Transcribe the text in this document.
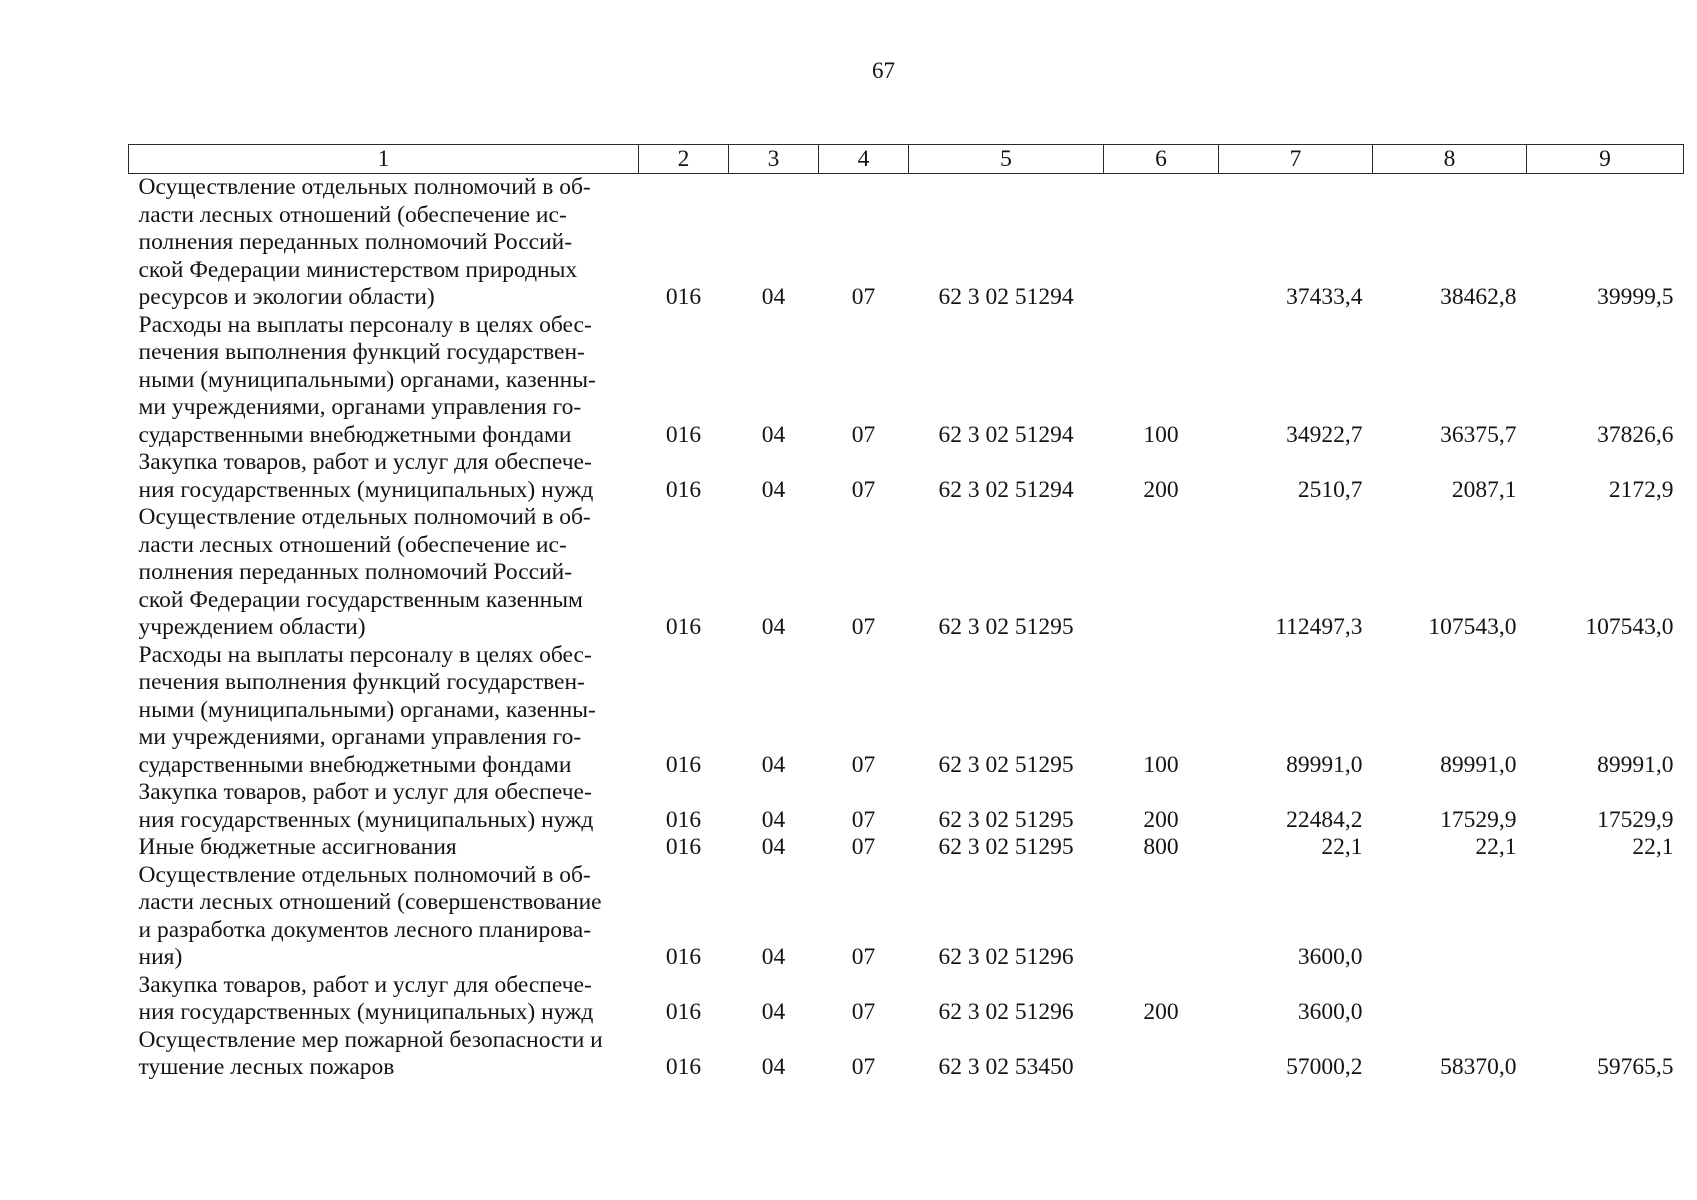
67
1	2	3	4	5	6	7	8	9

Осуществление отдельных полномочий в об-
ласти лесных отношений (обеспечение ис-
полнения переданных полномочий Россий-
ской Федерации министерством природных
ресурсов и экологии области)	016	04	07	62 3 02 51294		37433,4	38462,8	39999,5

Расходы на выплаты персоналу в целях обес-
печения выполнения функций государствен-
ными (муниципальными) органами, казенны-
ми учреждениями, органами управления го-
сударственными внебюджетными фондами	016	04	07	62 3 02 51294	100	34922,7	36375,7	37826,6

Закупка товаров, работ и услуг для обеспече-
ния государственных (муниципальных) нужд	016	04	07	62 3 02 51294	200	2510,7	2087,1	2172,9

Осуществление отдельных полномочий в об-
ласти лесных отношений (обеспечение ис-
полнения переданных полномочий Россий-
ской Федерации государственным казенным
учреждением области)	016	04	07	62 3 02 51295		112497,3	107543,0	107543,0

Расходы на выплаты персоналу в целях обес-
печения выполнения функций государствен-
ными (муниципальными) органами, казенны-
ми учреждениями, органами управления го-
сударственными внебюджетными фондами	016	04	07	62 3 02 51295	100	89991,0	89991,0	89991,0

Закупка товаров, работ и услуг для обеспече-
ния государственных (муниципальных) нужд	016	04	07	62 3 02 51295	200	22484,2	17529,9	17529,9

Иные бюджетные ассигнования	016	04	07	62 3 02 51295	800	22,1	22,1	22,1

Осуществление отдельных полномочий в об-
ласти лесных отношений (совершенствование
и разработка документов лесного планирова-
ния)	016	04	07	62 3 02 51296		3600,0		

Закупка товаров, работ и услуг для обеспече-
ния государственных (муниципальных) нужд	016	04	07	62 3 02 51296	200	3600,0		

Осуществление мер пожарной безопасности и
тушение лесных пожаров	016	04	07	62 3 02 53450		57000,2	58370,0	59765,5
